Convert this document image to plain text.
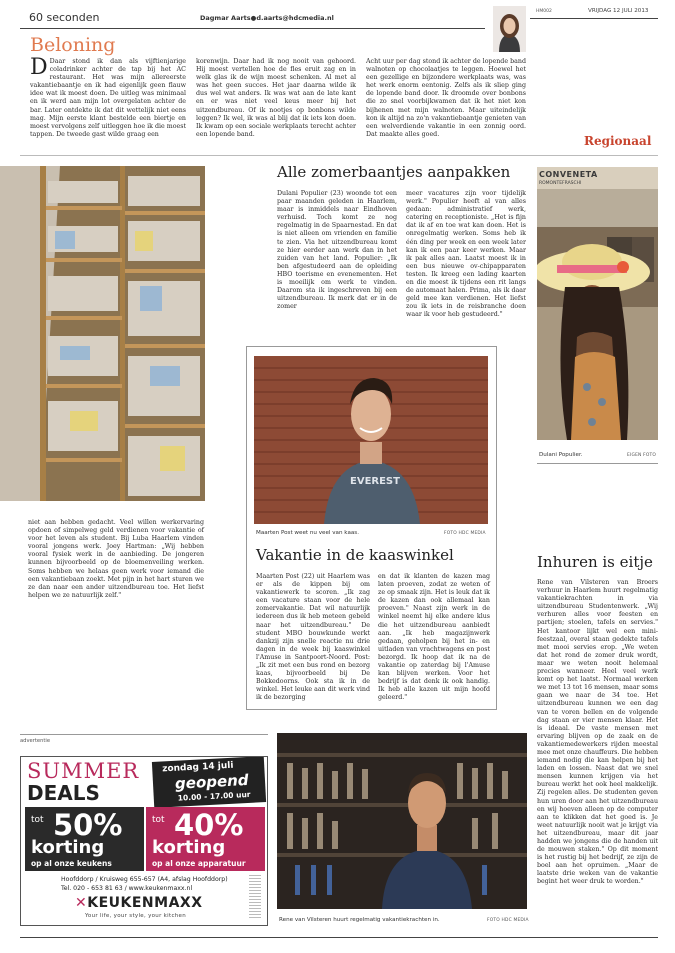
60 seconden	Dagmar Aarts●d.aarts@hdcmedia.nl
HM002	VRIJDAG 12 JULI 2013
Beloning
D Daar stond ik dan als vijftienjarige coladrinker achter de tap bij het AC restaurant. Het was mijn allereerste vakantiebaantje en ik had eigenlijk geen flauw idee wat ik moest doen. De uitleg was minimaal en ik werd aan mijn lot overgelaten achter de bar. Later ontdekte ik dat dit wettelijk niet eens mag. Mijn eerste klant bestelde een biertje en moest vervolgens zelf uitleggen hoe ik die moest tappen. De tweede gast wilde graag een
korenwijn. Daar had ik nog nooit van gehoord. Hij moest vertellen hoe de fles eruit zag en in welk glas ik de wijn moest schenken. Al met al was het geen succes. Het jaar daarna wilde ik dus wel wat anders. Ik was wat aan de late kant en er was niet veel keus meer bij het uitzendbureau. Of ik nootjes op bonbons wilde leggen? Ik wel, ik was al blij dat ik iets kon doen. Ik kwam op een sociale werkplaats terecht achter een lopende band.
Acht uur per dag stond ik achter de lopende band walnoten op chocolaatjes te leggen. Hoewel het een gezellige en bijzondere werkplaats was, was het werk enorm eentonig. Zelfs als ik sliep ging de lopende band door. Ik droomde over bonbons die zo snel voorbijkwamen dat ik het niet kon bijhenen met mijn walnoten. Maar uiteindelijk kon ik altijd na zo'n vakantiebaantje genieten van een welverdiende vakantie in een zonnig oord. Dat maakte alles goed.	Regionaal
Alle zomerbaantjes aanpakken
Dulani Populier (23) woonde tot een paar maanden geleden in Haarlem, maar is inmiddels naar Eindhoven verhuisd. Toch komt ze nog regelmatig in de Spaarnestad. En dat is niet alleen om vrienden en familie te zien. Via het uitzendbureau komt ze hier eerder aan werk dan in het zuiden van het land. Populier: „Ik ben afgestudeerd aan de opleiding HBO toerisme en evenementen. Het is moeilijk om werk te vinden. Daarom sta ik ingeschreven bij een uitzendbureau. Ik merk dat er in de zomer
meer vacatures zijn voor tijdelijk werk." Populier heeft al van alles gedaan: administratief werk, catering en receptioniste. „Het is fijn dat ik af en toe wat kan doen. Het is onregelmatig werken. Soms heb ik één ding per week en een week later kan ik een paar keer werken. Maar ik pak alles aan. Laatst moest ik in een bus nieuwe ov-chipapparaten testen. Ik kreeg een lading kaarten en die moest ik tijdens een rit langs de automaat halen. Prima, als ik daar geld mee kan verdienen. Het liefst zou ik iets in de reisbranche doen waar ik voor heb gestudeerd."
CONVENETA
ROMONTEFRASCHI
Dulani Populier.	EIGEN FOTO
EVEREST
Maarten Post weet nu veel van kaas.	FOTO HDC MEDIA
Vakantie in de kaaswinkel
Maarten Post (22) uit Haarlem was er als de kippen bij om vakantiewerk te scoren. „Ik zag een vacature staan voor de hele zomervakantie. Dat wil natuurlijk iedereen dus ik heb meteen gebeld naar het uitzendbureau." De student MBO bouwkunde werkt dankzij zijn snelle reactie nu drie dagen in de week bij kaaswinkel l'Amuse in Santpoort-Noord. Post: „Ik zit met een bus rond en bezorg kaas, bijvoorbeeld bij De Bokkedoorns. Ook sta ik in de winkel. Het leuke aan dit werk vind ik de bezorging
en dat ik klanten de kazen mag laten proeven, zodat ze weten of ze op smaak zijn. Het is leuk dat ik de kazen dan ook allemaal kan proeven." Naast zijn werk in de winkel neemt hij elke andere klus die het uitzendbureau aanbiedt aan. „Ik heb magazijnwerk gedaan, geholpen bij het in- en uitladen van vrachtwagens en post bezorgd. Ik hoop dat ik na de vakantie op zaterdag bij l'Amuse kan blijven werken. Voor het bedrijf is dat denk ik ook handig. Ik heb alle kazen uit mijn hoofd geleerd."
niet aan hebben gedacht. Veel willen werkervaring opdoen of simpelweg geld verdienen voor vakantie of voor het leven als student. Bij Luba Haarlem vinden vooral jongens werk. Joey Hartman: „Wij hebben vooral fysiek werk in de aanbieding. De jongeren kunnen bijvoorbeeld op de bloemenveiling werken. Soms hebben we helaas geen werk voor iemand die een vakantiebaan zoekt. Met pijn in het hart sturen we ze dan naar een ander uitzendbureau toe. Het liefst helpen we ze natuurlijk zelf."
Inhuren is eitje
Rene van Vilsteren van Broers verhuur in Haarlem huurt regelmatig vakantiekrachten in via uitzendbureau Studentenwerk. „Wij verhuren alles voor feesten en partijen; stoelen, tafels en servies." Het kantoor lijkt wel een mini-feestzaal, overal staan gedekte tafels met mooi servies erop. „We weten dat het rond de zomer druk wordt, maar we weten nooit helemaal precies wanneer. Heel veel werk komt op het laatst. Normaal werken we met 13 tot 16 mensen, maar soms gaan we naar de 34 toe. Het uitzendbureau kunnen we een dag van te voren bellen en de volgende dag staan er vier mensen klaar. Het is ideaal. De vaste mensen met ervaring blijven op de zaak en de vakantiemedewerkers rijden meestal mee met onze chauffeurs. Die hebben iemand nodig die kan helpen bij het laden en lossen. Naast dat we snel mensen kunnen krijgen via het bureau werkt het ook heel makkelijk. Zij regelen alles. De studenten geven hun uren door aan het uitzendbureau en wij hoeven alleen op de computer aan te klikken dat het goed is. Je weet natuurlijk nooit wat je krijgt via het uitzendbureau, maar dit jaar hadden we jongens die de handen uit de mouwen staken." Op dit moment is het rustig bij het bedrijf, ze zijn de boel aan het opruimen. „Maar de laatste drie weken van de vakantie begint het weer druk te worden."
advertentie
SUMMER
DEALS
zondag 14 juli
geopend
10.00 - 17.00 uur
tot 50%
korting
op al onze keukens
tot 40%
korting
op al onze apparatuur
Hoofddorp / Kruisweg 655-657 (A4, afslag Hoofddorp)
Tel. 020 - 653 81 63 / www.keukenmaxx.nl
✕KEUKENMAXX
Your life, your style, your kitchen
Rene van Vilsteren huurt regelmatig vakantiekrachten in.	FOTO HDC MEDIA
